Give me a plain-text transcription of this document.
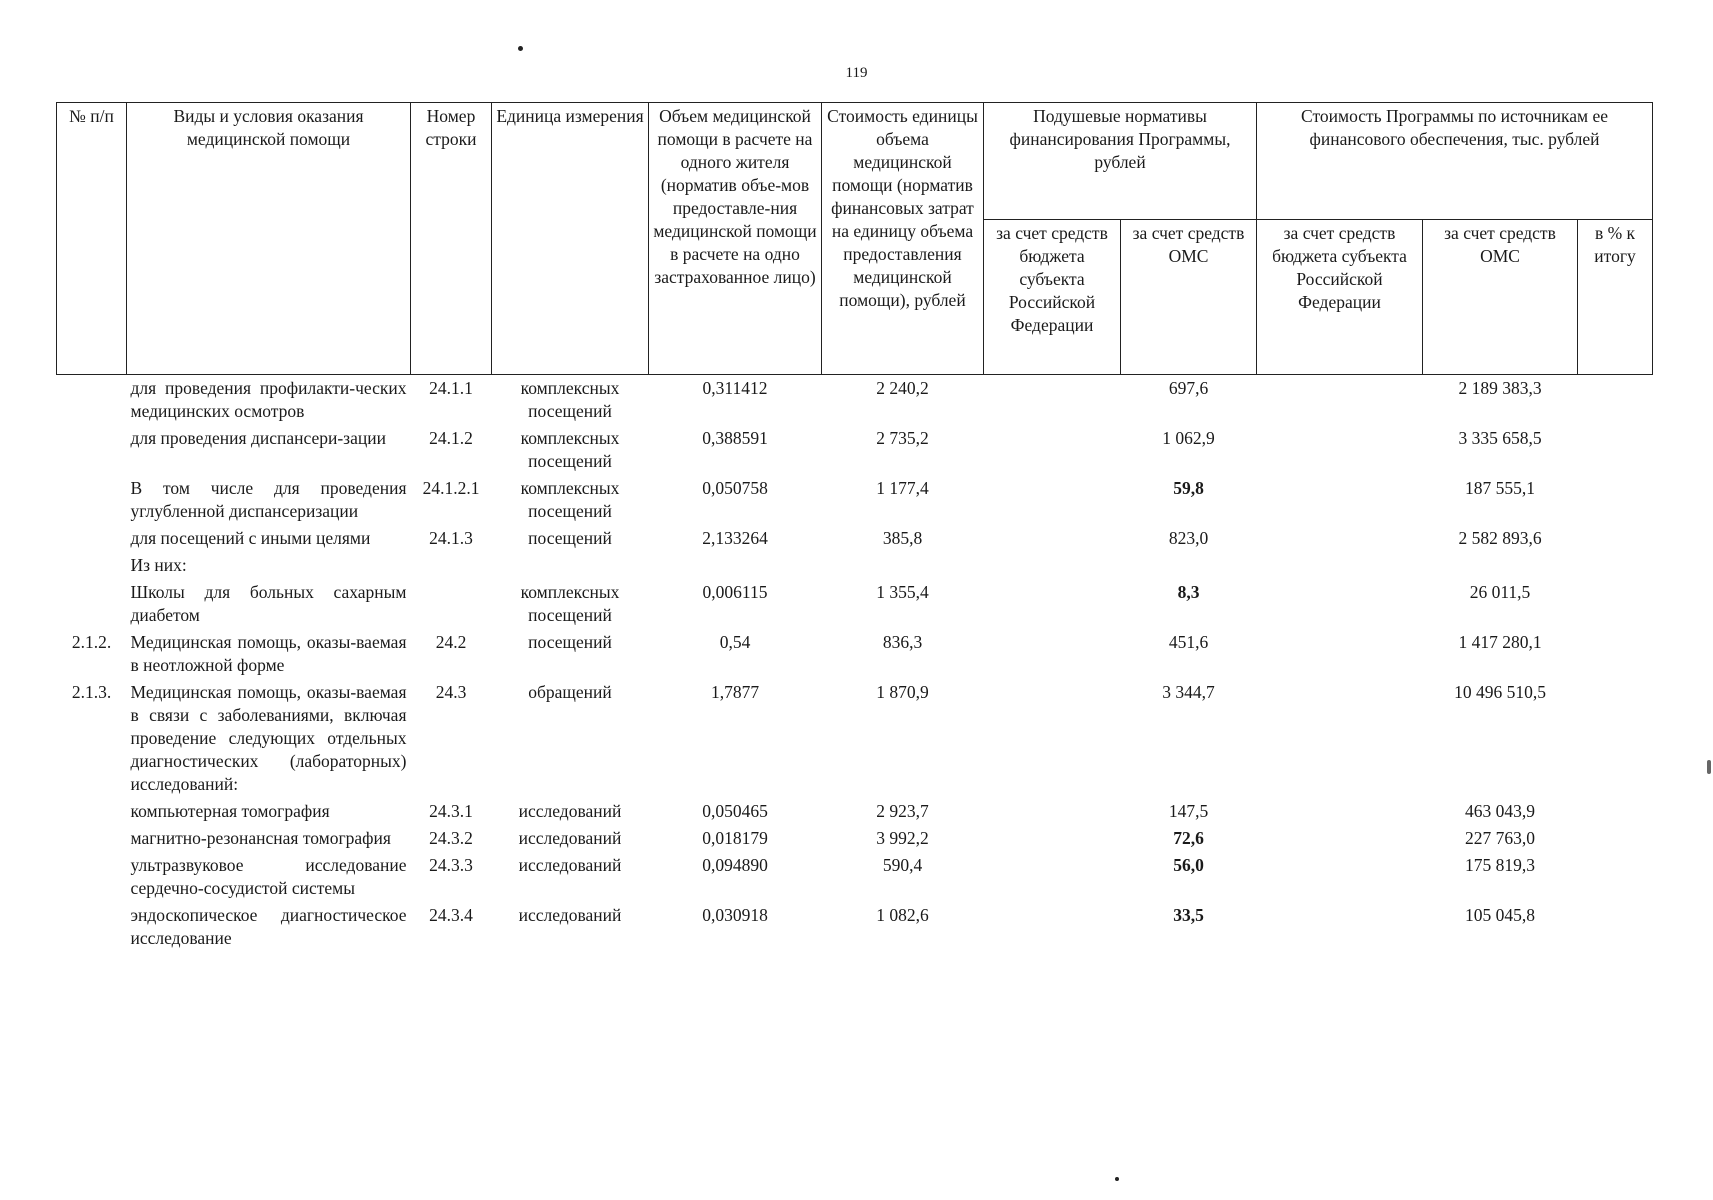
119
№ п/п	Виды и условия оказания медицинской помощи	Номер строки	Единица измерения	Объем медицинской помощи в расчете на одного жителя (норматив объе-мов предоставле-ния медицинской помощи в расчете на одно застрахованное лицо)	Стоимость единицы объема медицинской помощи (норматив финансовых затрат на единицу объема предоставления медицинской помощи), рублей	Подушевые нормативы финансирования Программы, рублей		Стоимость Программы по источникам ее финансового обеспечения, тыс. рублей		
						за счет средств бюджета субъекта Российской Федерации	за счет средств ОМС	за счет средств бюджета субъекта Российской Федерации	за счет средств ОМС	в % к итогу
	для проведения профилакти-ческих медицинских осмотров	24.1.1	комплексных посещений	0,311412	2 240,2		697,6		2 189 383,3	
	для проведения диспансери-зации	24.1.2	комплексных посещений	0,388591	2 735,2		1 062,9		3 335 658,5	
	В том числе для проведения углубленной диспансеризации	24.1.2.1	комплексных посещений	0,050758	1 177,4		59,8		187 555,1	
	для посещений с иными целями	24.1.3	посещений	2,133264	385,8		823,0		2 582 893,6	
	Из них:									
	Школы для больных сахарным диабетом		комплексных посещений	0,006115	1 355,4		8,3		26 011,5	
2.1.2.	Медицинская помощь, оказы-ваемая в неотложной форме	24.2	посещений	0,54	836,3		451,6		1 417 280,1	
2.1.3.	Медицинская помощь, оказы-ваемая в связи с заболеваниями, включая проведение следующих отдельных диагностических (лабораторных) исследований:	24.3	обращений	1,7877	1 870,9		3 344,7		10 496 510,5	
	компьютерная томография	24.3.1	исследований	0,050465	2 923,7		147,5		463 043,9	
	магнитно-резонансная томография	24.3.2	исследований	0,018179	3 992,2		72,6		227 763,0	
	ультразвуковое исследование сердечно-сосудистой системы	24.3.3	исследований	0,094890	590,4		56,0		175 819,3	
	эндоскопическое диагностическое исследование	24.3.4	исследований	0,030918	1 082,6		33,5		105 045,8	
